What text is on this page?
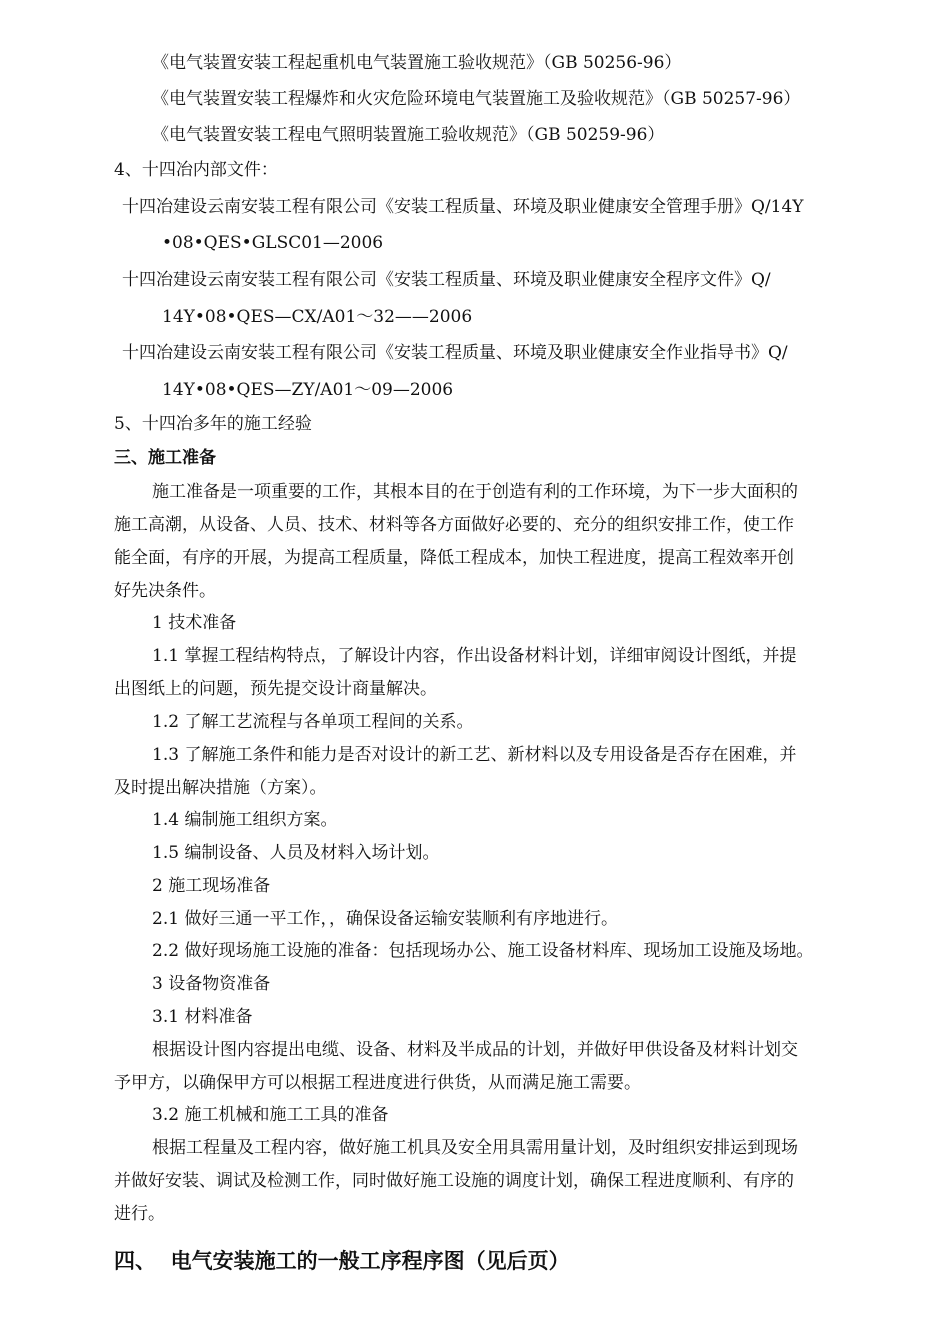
《电气装置安装工程起重机电气装置施工验收规范》（GB 50256-96）
《电气装置安装工程爆炸和火灾危险环境电气装置施工及验收规范》（GB 50257-96）
《电气装置安装工程电气照明装置施工验收规范》（GB 50259-96）
4、十四冶内部文件：
十四冶建设云南安装工程有限公司《安装工程质量、环境及职业健康安全管理手册》Q/14Y
•08•QES•GLSC01—2006
十四冶建设云南安装工程有限公司《安装工程质量、环境及职业健康安全程序文件》Q/
14Y•08•QES—CX/A01～32——2006
十四冶建设云南安装工程有限公司《安装工程质量、环境及职业健康安全作业指导书》Q/
14Y•08•QES—ZY/A01～09—2006
5、十四冶多年的施工经验
三、施工准备
施工准备是一项重要的工作，其根本目的在于创造有利的工作环境，为下一步大面积的
施工高潮，从设备、人员、技术、材料等各方面做好必要的、充分的组织安排工作，使工作
能全面，有序的开展，为提高工程质量，降低工程成本，加快工程进度，提高工程效率开创
好先决条件。
1 技术准备
1.1 掌握工程结构特点，了解设计内容，作出设备材料计划，详细审阅设计图纸，并提
出图纸上的问题，预先提交设计商量解决。
1.2 了解工艺流程与各单项工程间的关系。
1.3 了解施工条件和能力是否对设计的新工艺、新材料以及专用设备是否存在困难，并
及时提出解决措施（方案）。
1.4 编制施工组织方案。
1.5 编制设备、人员及材料入场计划。
2 施工现场准备
2.1 做好三通一平工作，，确保设备运输安装顺利有序地进行。
2.2 做好现场施工设施的准备：包括现场办公、施工设备材料库、现场加工设施及场地。
3 设备物资准备
3.1 材料准备
根据设计图内容提出电缆、设备、材料及半成品的计划，并做好甲供设备及材料计划交
予甲方，以确保甲方可以根据工程进度进行供货，从而满足施工需要。
3.2 施工机械和施工工具的准备
根据工程量及工程内容，做好施工机具及安全用具需用量计划，及时组织安排运到现场
并做好安装、调试及检测工作，同时做好施工设施的调度计划，确保工程进度顺利、有序的
进行。
四、  电气安装施工的一般工序程序图（见后页）
